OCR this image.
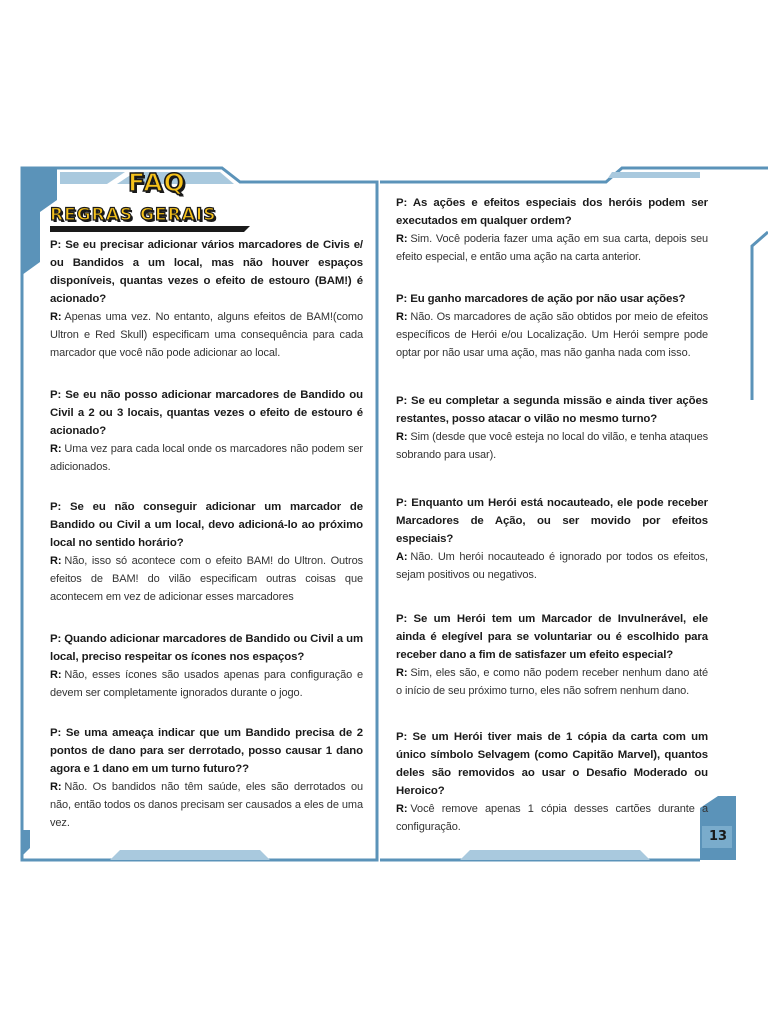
FAQ
REGRAS GERAIS

P: Se eu precisar adicionar vários marcadores de Civis e/ ou Bandidos a um local, mas não houver espaços disponíveis, quantas vezes o efeito de estouro (BAM!) é acionado?

R: Apenas uma vez. No entanto, alguns efeitos de BAM!(como Ultron e Red Skull) especificam uma consequência para cada marcador que você não pode adicionar ao local.

P: Se eu não posso adicionar marcadores de Bandido ou Civil a 2 ou 3 locais, quantas vezes o efeito de estouro é acionado?

R: Uma vez para cada local onde os marcadores não podem ser adicionados.

P: Se eu não conseguir adicionar um marcador de Bandido ou Civil a um local, devo adicioná-lo ao próximo local no sentido horário?

R: Não, isso só acontece com o efeito BAM! do Ultron. Outros efeitos de BAM! do vilão especificam outras coisas que acontecem em vez de adicionar esses marcadores

P: Quando adicionar marcadores de Bandido ou Civil a um local, preciso respeitar os ícones nos espaços?

R: Não, esses ícones são usados apenas para configuração e devem ser completamente ignorados durante o jogo.

P: Se uma ameaça indicar que um Bandido precisa de 2 pontos de dano para ser derrotado, posso causar 1 dano agora e 1 dano em um turno futuro??

R: Não. Os bandidos não têm saúde, eles são derrotados ou não, então todos os danos precisam ser causados a eles de uma vez.

P: As ações e efeitos especiais dos heróis podem ser executados em qualquer ordem?

R: Sim. Você poderia fazer uma ação em sua carta, depois seu efeito especial, e então uma ação na carta anterior.

P: Eu ganho marcadores de ação por não usar ações?

R: Não. Os marcadores de ação são obtidos por meio de efeitos específicos de Herói e/ou Localização. Um Herói sempre pode optar por não usar uma ação, mas não ganha nada com isso.

P: Se eu completar a segunda missão e ainda tiver ações restantes, posso atacar o vilão no mesmo turno?

R: Sim (desde que você esteja no local do vilão, e tenha ataques sobrando para usar).

P: Enquanto um Herói está nocauteado, ele pode receber Marcadores de Ação, ou ser movido por efeitos especiais?

A: Não. Um herói nocauteado é ignorado por todos os efeitos, sejam positivos ou negativos.

P: Se um Herói tem um Marcador de Invulnerável, ele ainda é elegível para se voluntariar ou é escolhido para receber dano a fim de satisfazer um efeito especial?

R: Sim, eles são, e como não podem receber nenhum dano até o início de seu próximo turno, eles não sofrem nenhum dano.

P: Se um Herói tiver mais de 1 cópia da carta com um único símbolo Selvagem (como Capitão Marvel), quantos deles são removidos ao usar o Desafio Moderado ou Heroico?

R: Você remove apenas 1 cópia desses cartões durante a configuração.

13
